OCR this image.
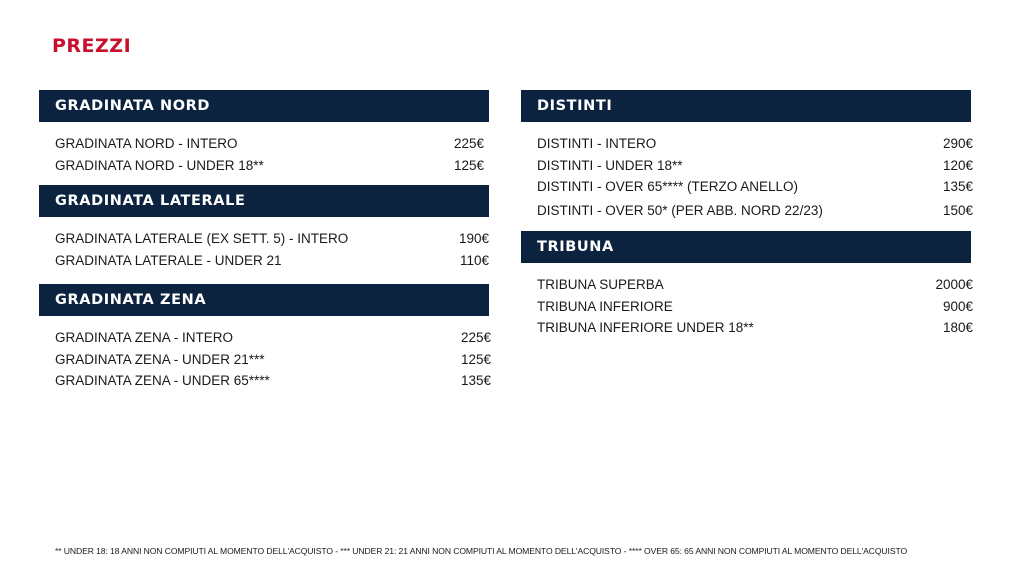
PREZZI
GRADINATA NORD
GRADINATA NORD - INTERO	225€
GRADINATA NORD - UNDER 18**	125€
GRADINATA LATERALE
GRADINATA LATERALE (EX SETT. 5) - INTERO	190€
GRADINATA LATERALE - UNDER 21	110€
GRADINATA ZENA
GRADINATA ZENA - INTERO	225€
GRADINATA ZENA - UNDER 21***	125€
GRADINATA ZENA - UNDER 65****	135€
DISTINTI
DISTINTI - INTERO	290€
DISTINTI - UNDER 18**	120€
DISTINTI - OVER 65**** (TERZO ANELLO)	135€
DISTINTI - OVER 50* (PER ABB. NORD 22/23)	150€
TRIBUNA
TRIBUNA SUPERBA	2000€
TRIBUNA INFERIORE	900€
TRIBUNA INFERIORE UNDER 18**	180€
** UNDER 18: 18 ANNI NON COMPIUTI AL MOMENTO DELL'ACQUISTO - *** UNDER 21: 21 ANNI NON COMPIUTI AL MOMENTO DELL'ACQUISTO - **** OVER 65: 65 ANNI NON COMPIUTI AL MOMENTO DELL'ACQUISTO
